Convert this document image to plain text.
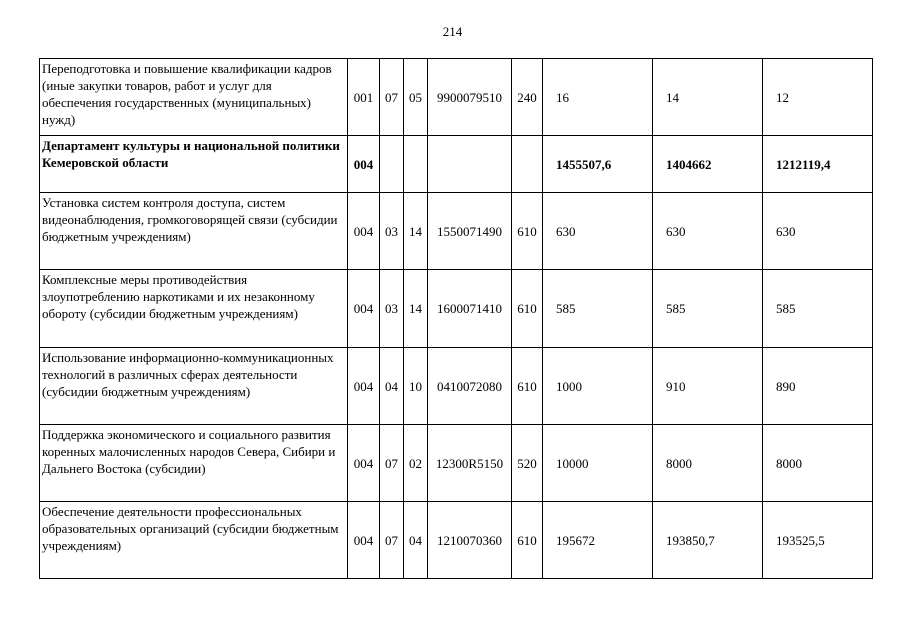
214
Переподготовка и повышение квалификации кадров (иные закупки товаров, работ и услуг для обеспечения государственных (муниципальных) нужд)	001	07	05	9900079510	240	16	14	12
Департамент культуры и национальной политики Кемеровской области	004					1455507,6	1404662	1212119,4
Установка систем контроля доступа, систем видеонаблюдения, громкоговорящей связи (субсидии бюджетным учреждениям)	004	03	14	1550071490	610	630	630	630
Комплексные меры противодействия злоупотреблению наркотиками и их незаконному обороту (субсидии бюджетным учреждениям)	004	03	14	1600071410	610	585	585	585
Использование информационно-коммуникационных технологий в различных сферах деятельности (субсидии бюджетным учреждениям)	004	04	10	0410072080	610	1000	910	890
Поддержка экономического и социального развития коренных малочисленных народов Севера, Сибири и Дальнего Востока (субсидии)	004	07	02	12300R5150	520	10000	8000	8000
Обеспечение деятельности профессиональных образовательных организаций (субсидии бюджетным учреждениям)	004	07	04	1210070360	610	195672	193850,7	193525,5
